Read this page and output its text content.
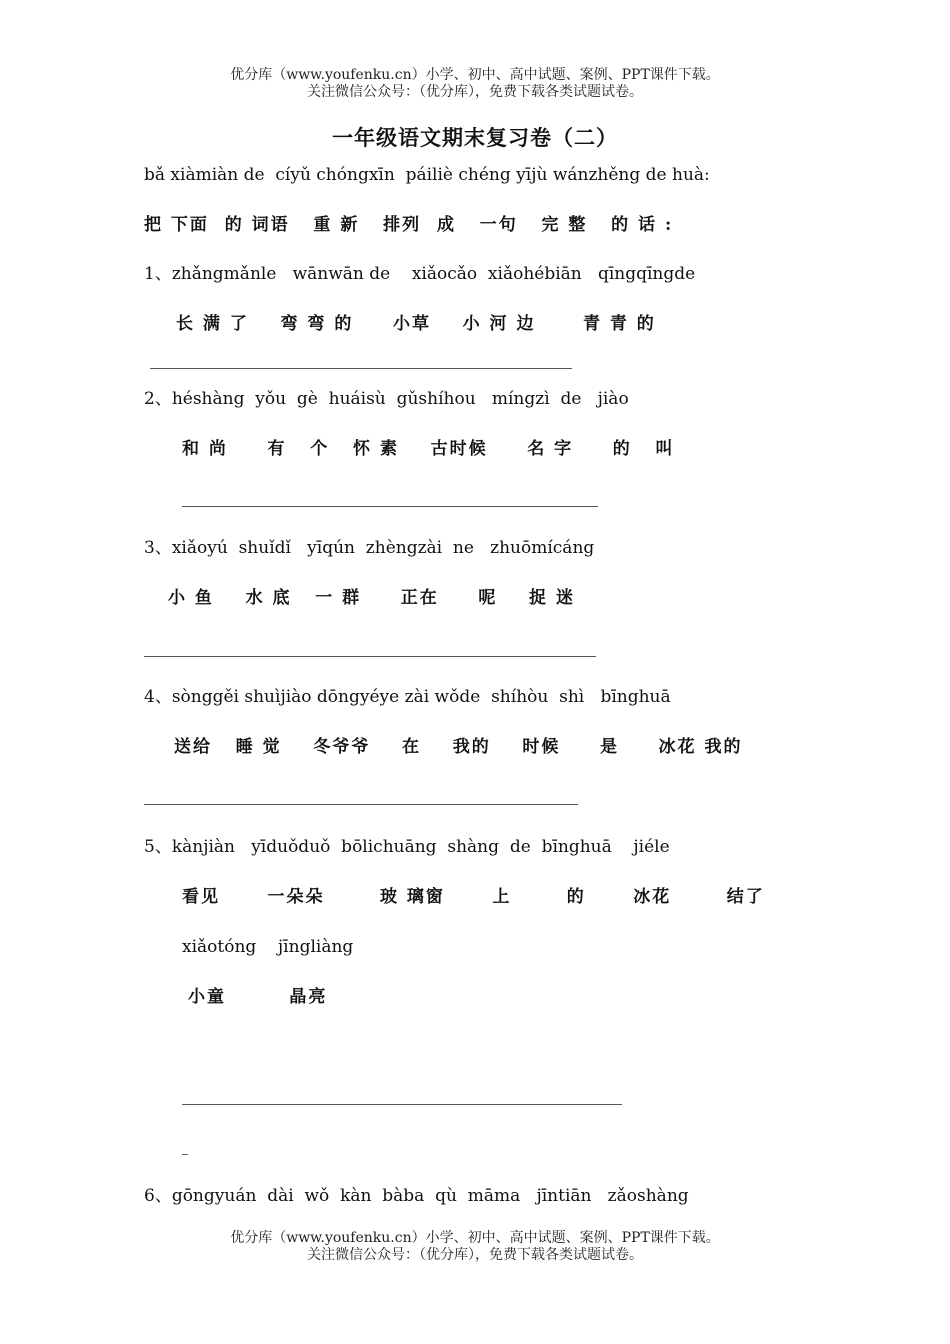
优分库（www.youfenku.cn）小学、初中、高中试题、案例、PPT课件下载。
关注微信公众号：（优分库），免费下载各类试题试卷。
一年级语文期末复习卷（二）
bǎ xiàmiàn de  cíyǔ chóngxīn  páiliè chéng yījù wánzhěng de huà:
把 下面  的 词语   重 新   排列  成   一句   完 整   的 话 :
1、zhǎngmǎnle   wānwān de    xiǎocǎo  xiǎohébiān   qīngqīngde
长 满 了    弯 弯 的     小草    小 河 边      青 青 的
2、héshàng  yǒu  gè  huáisù  gǔshíhou   míngzì  de   jiào
和 尚     有   个   怀 素    古时候     名 字     的   叫
3、xiǎoyú  shuǐdǐ   yīqún  zhèngzài  ne   zhuōmícáng
小 鱼    水 底   一 群     正在     呢    捉 迷
4、sònggěi shuìjiào dōngyéye zài wǒde  shíhòu  shì   bīnghuā
送给   睡 觉    冬爷爷    在    我的    时候     是     冰花 我的
5、kànjiàn   yīduǒduǒ  bōlichuāng  shàng  de  bīnghuā    jiéle
看见      一朵朵       玻 璃窗      上       的      冰花       结了
xiǎotóng    jīngliàng
小童        晶亮
6、gōngyuán  dài  wǒ  kàn  bàba  qù  māma   jīntiān   zǎoshàng
优分库（www.youfenku.cn）小学、初中、高中试题、案例、PPT课件下载。
关注微信公众号：（优分库），免费下载各类试题试卷。
